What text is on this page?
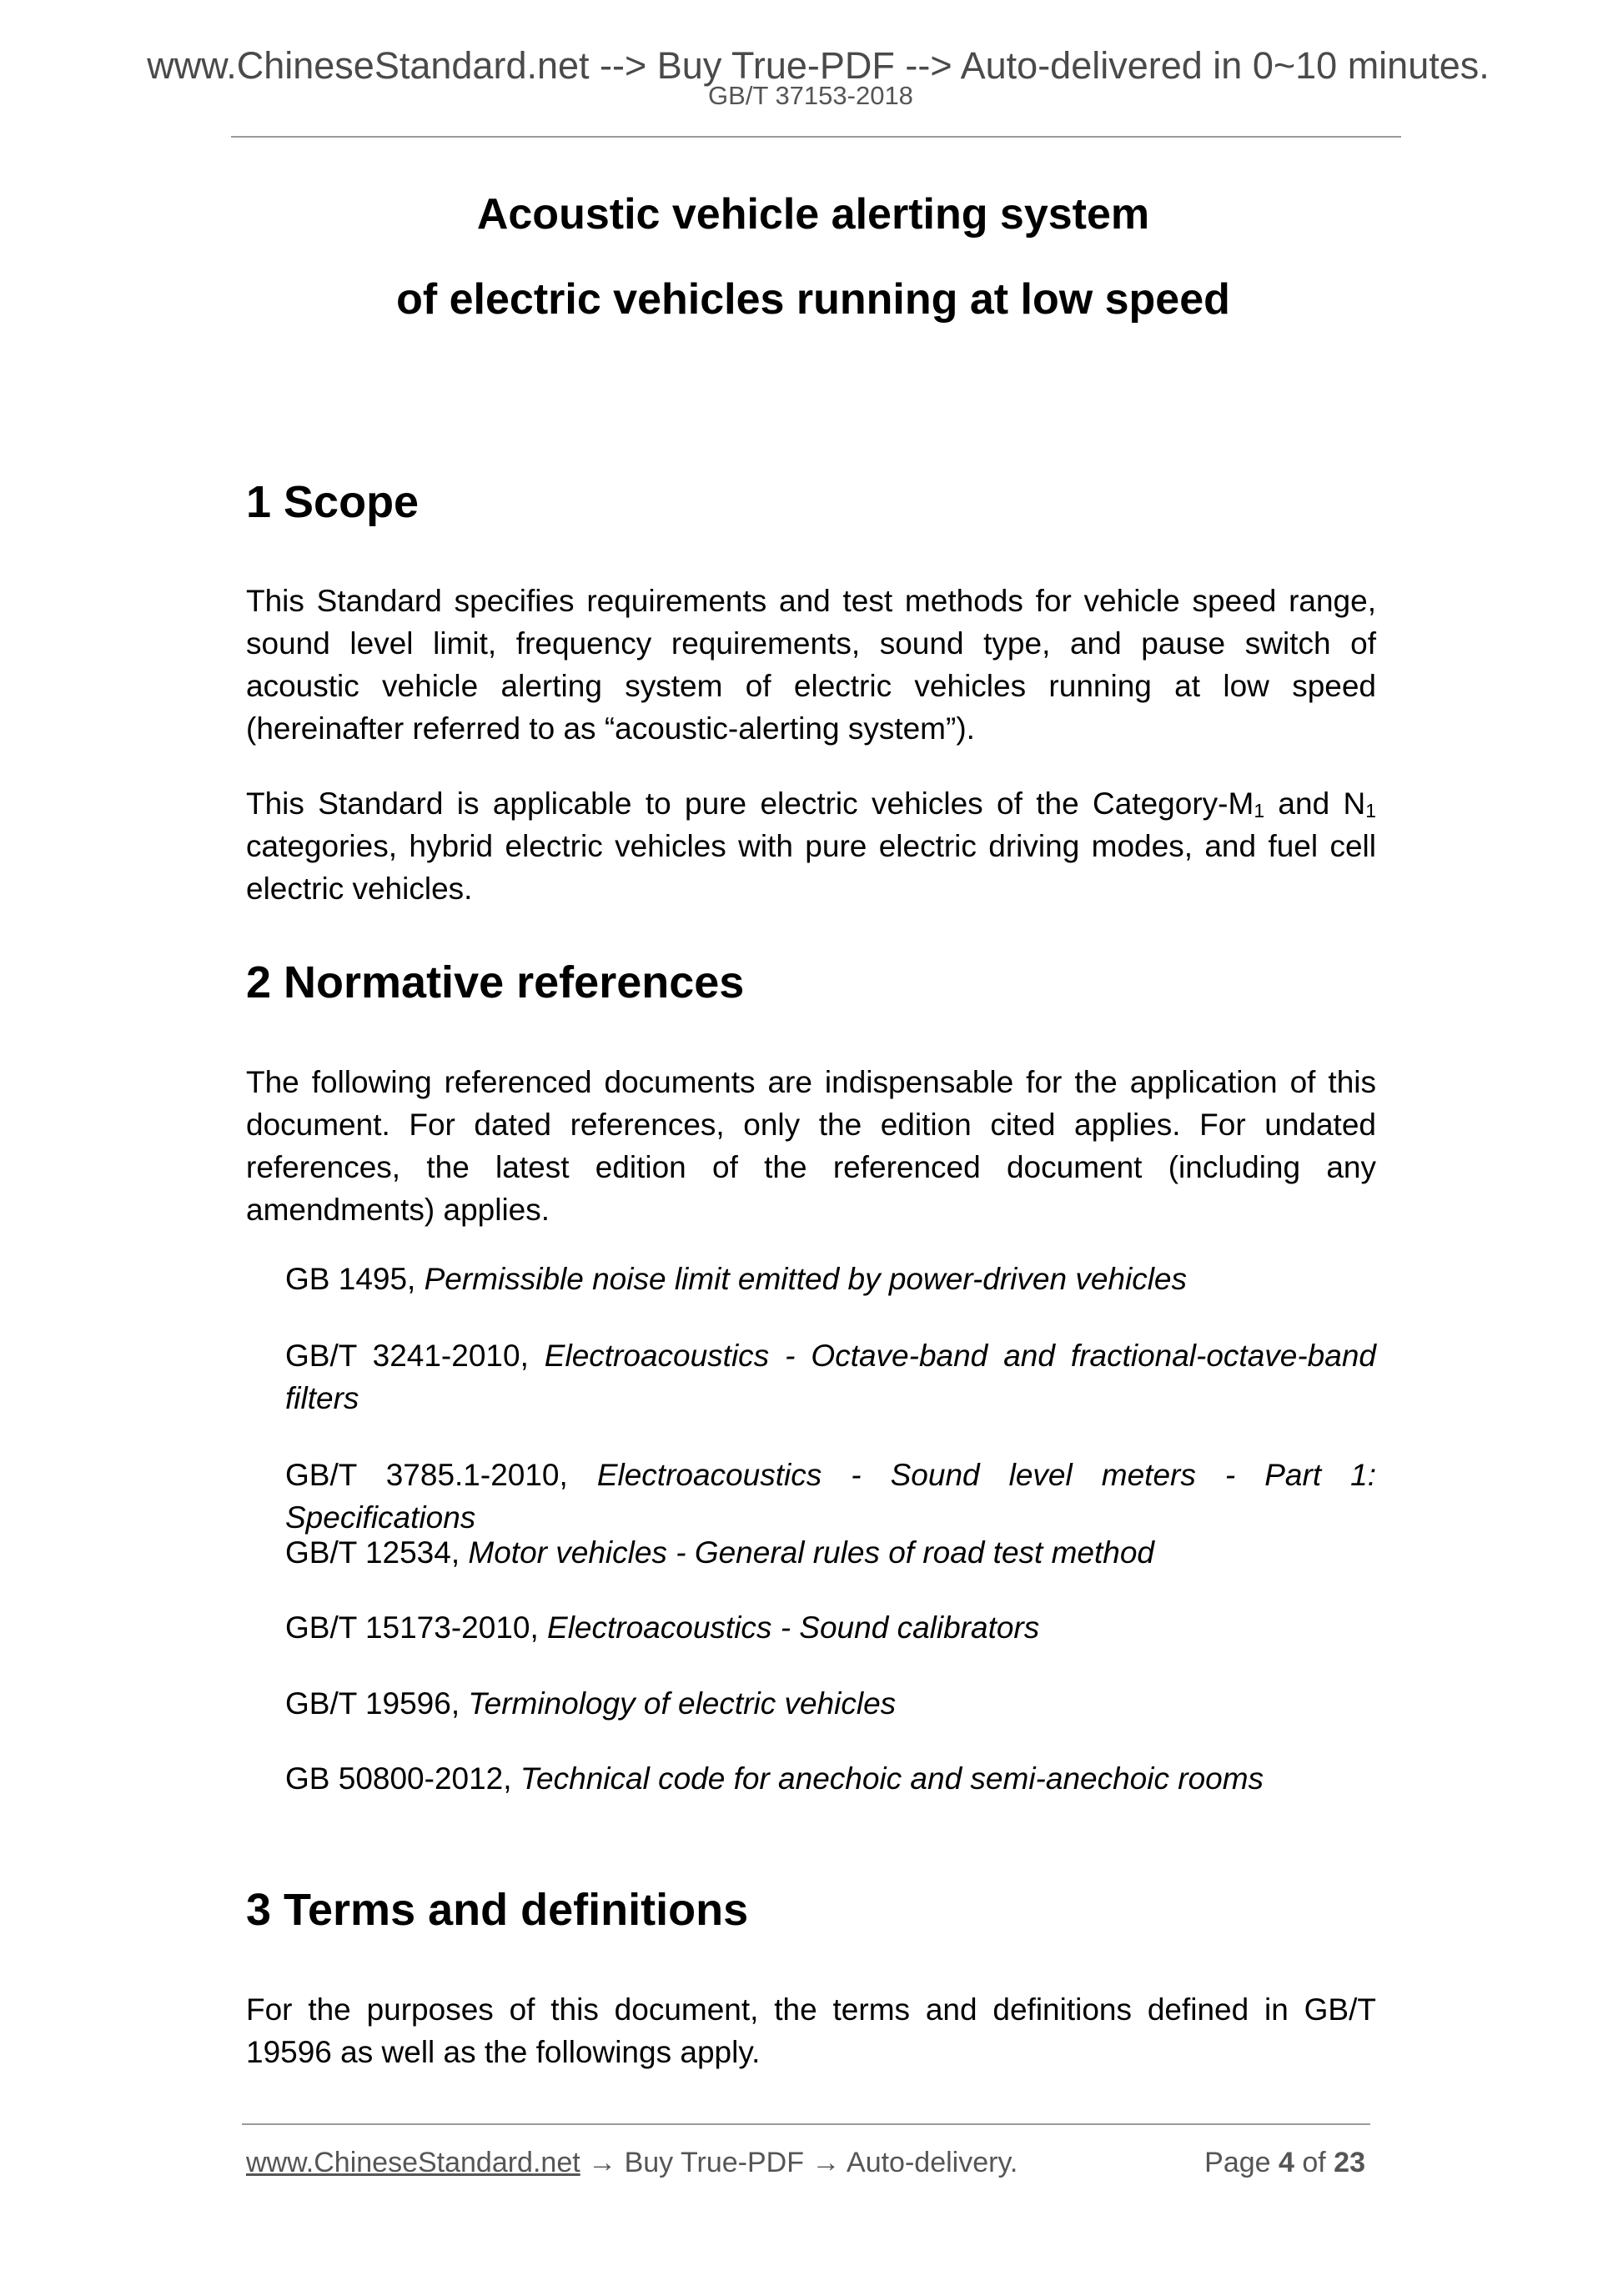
www.ChineseStandard.net --> Buy True-PDF --> Auto-delivered in 0~10 minutes.
GB/T 37153-2018
Acoustic vehicle alerting system
of electric vehicles running at low speed
1 Scope
This Standard specifies requirements and test methods for vehicle speed range, sound level limit, frequency requirements, sound type, and pause switch of acoustic vehicle alerting system of electric vehicles running at low speed (hereinafter referred to as “acoustic-alerting system”).
This Standard is applicable to pure electric vehicles of the Category-$M_1$ and $N_1$ categories, hybrid electric vehicles with pure electric driving modes, and fuel cell electric vehicles.
2 Normative references
The following referenced documents are indispensable for the application of this document. For dated references, only the edition cited applies. For undated references, the latest edition of the referenced document (including any amendments) applies.
GB 1495, Permissible noise limit emitted by power-driven vehicles
GB/T 3241-2010, Electroacoustics - Octave-band and fractional-octave-band filters
GB/T 3785.1-2010, Electroacoustics - Sound level meters - Part 1: Specifications
GB/T 12534, Motor vehicles - General rules of road test method
GB/T 15173-2010, Electroacoustics - Sound calibrators
GB/T 19596, Terminology of electric vehicles
GB 50800-2012, Technical code for anechoic and semi-anechoic rooms
3 Terms and definitions
For the purposes of this document, the terms and definitions defined in GB/T 19596 as well as the followings apply.
www.ChineseStandard.net → Buy True-PDF → Auto-delivery.	Page 4 of 23
